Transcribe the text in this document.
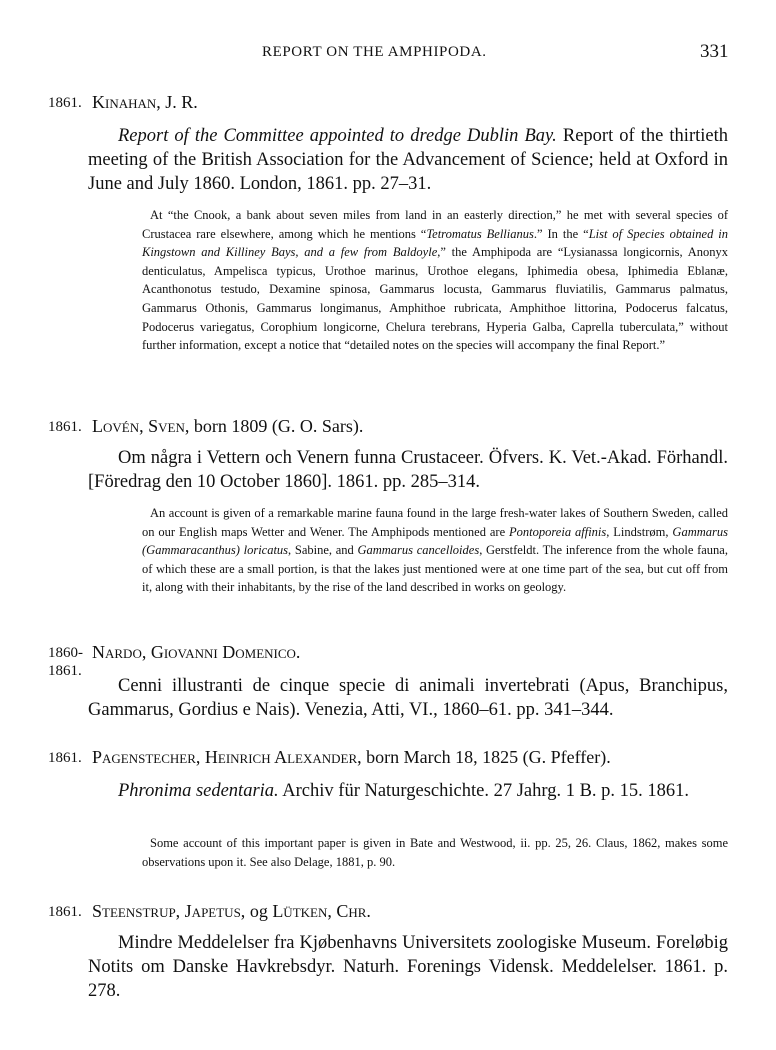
REPORT ON THE AMPHIPODA.	331
1861. Kinahan, J. R.
Report of the Committee appointed to dredge Dublin Bay. Report of the thirtieth meeting of the British Association for the Advancement of Science; held at Oxford in June and July 1860. London, 1861. pp. 27–31.
At “the Cnook, a bank about seven miles from land in an easterly direction,” he met with several species of Crustacea rare elsewhere, among which he mentions “Tetromatus Bellianus.” In the “List of Species obtained in Kingstown and Killiney Bays, and a few from Baldoyle,” the Amphipoda are “Lysianassa longicornis, Anonyx denticulatus, Ampelisca typicus, Urothoe marinus, Urothoe elegans, Iphimedia obesa, Iphimedia Eblanæ, Acanthonotus testudo, Dexamine spinosa, Gammarus locusta, Gammarus fluviatilis, Gammarus palmatus, Gammarus Othonis, Gammarus longimanus, Amphithoe rubricata, Amphithoe littorina, Podocerus falcatus, Podocerus variegatus, Corophium longicorne, Chelura terebrans, Hyperia Galba, Caprella tuberculata,” without further information, except a notice that “detailed notes on the species will accompany the final Report.”
1861. Lovén, Sven, born 1809 (G. O. Sars).
Om några i Vettern och Venern funna Crustaceer. Öfvers. K. Vet.-Akad. Förhandl. [Föredrag den 10 October 1860]. 1861. pp. 285–314.
An account is given of a remarkable marine fauna found in the large fresh-water lakes of Southern Sweden, called on our English maps Wetter and Wener. The Amphipods mentioned are Pontoporeia affinis, Lindstrøm, Gammarus (Gammaracanthus) loricatus, Sabine, and Gammarus cancelloides, Gerstfeldt. The inference from the whole fauna, of which these are a small portion, is that the lakes just mentioned were at one time part of the sea, but cut off from it, along with their inhabitants, by the rise of the land described in works on geology.
1860-
1861.
Nardo, Giovanni Domenico.
Cenni illustranti de cinque specie di animali invertebrati (Apus, Branchipus, Gammarus, Gordius e Nais). Venezia, Atti, VI., 1860–61. pp. 341–344.
1861. Pagenstecher, Heinrich Alexander, born March 18, 1825 (G. Pfeffer).
Phronima sedentaria. Archiv für Naturgeschichte. 27 Jahrg. 1 B. p. 15. 1861.
Some account of this important paper is given in Bate and Westwood, ii. pp. 25, 26. Claus, 1862, makes some observations upon it. See also Delage, 1881, p. 90.
1861. Steenstrup, Japetus, og Lütken, Chr.
Mindre Meddelelser fra Kjøbenhavns Universitets zoologiske Museum. Foreløbig Notits om Danske Havkrebsdyr. Naturh. Forenings Vidensk. Meddelelser. 1861. p. 278.
